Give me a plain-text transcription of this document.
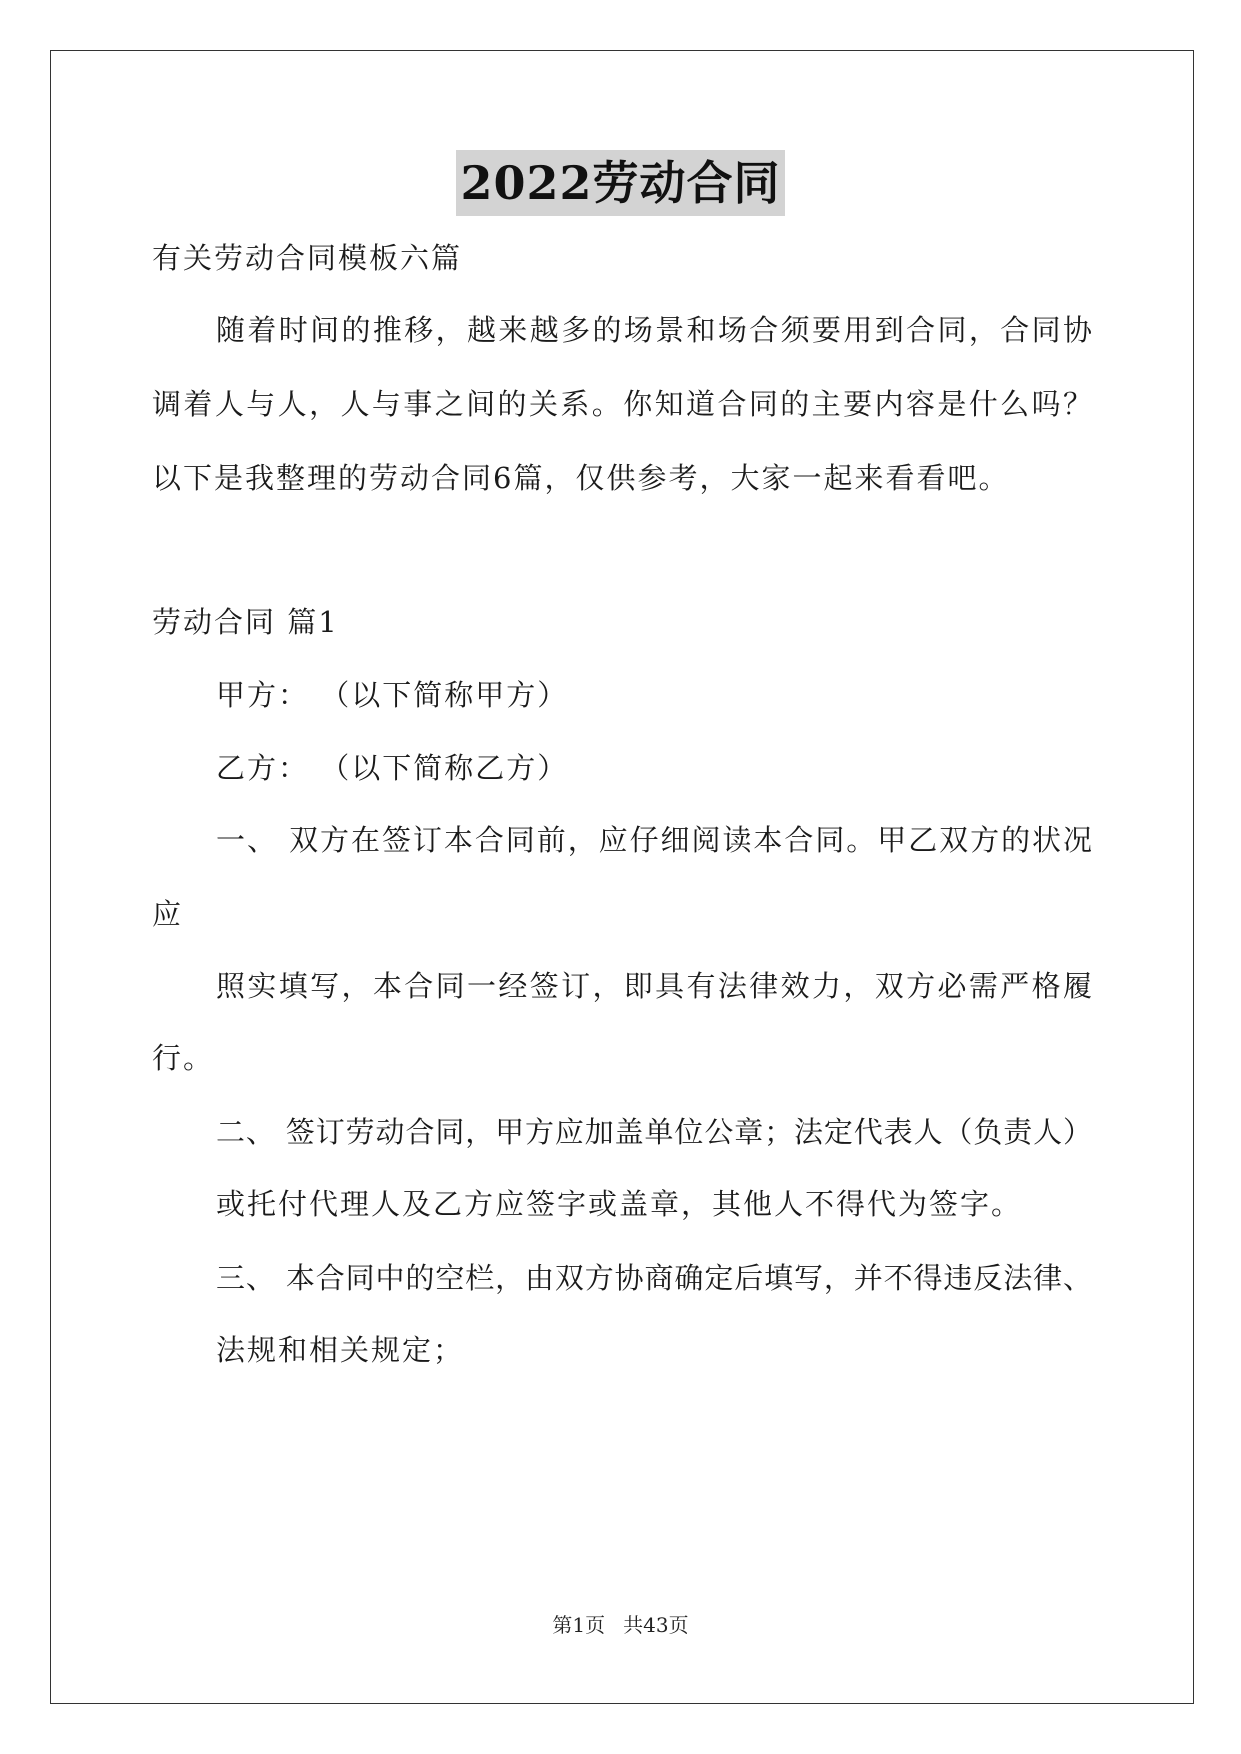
2022劳动合同
有关劳动合同模板六篇
随着时间的推移，越来越多的场景和场合须要用到合同，合同协
调着人与人，人与事之间的关系。你知道合同的主要内容是什么吗？
以下是我整理的劳动合同6篇，仅供参考，大家一起来看看吧。
劳动合同 篇1
甲方： （以下简称甲方）
乙方： （以下简称乙方）
一、 双方在签订本合同前，应仔细阅读本合同。甲乙双方的状况
应
照实填写，本合同一经签订，即具有法律效力，双方必需严格履
行。
二、 签订劳动合同，甲方应加盖单位公章；法定代表人（负责人）
或托付代理人及乙方应签字或盖章，其他人不得代为签字。
三、 本合同中的空栏，由双方协商确定后填写，并不得违反法律、
法规和相关规定；
第1页 共43页
